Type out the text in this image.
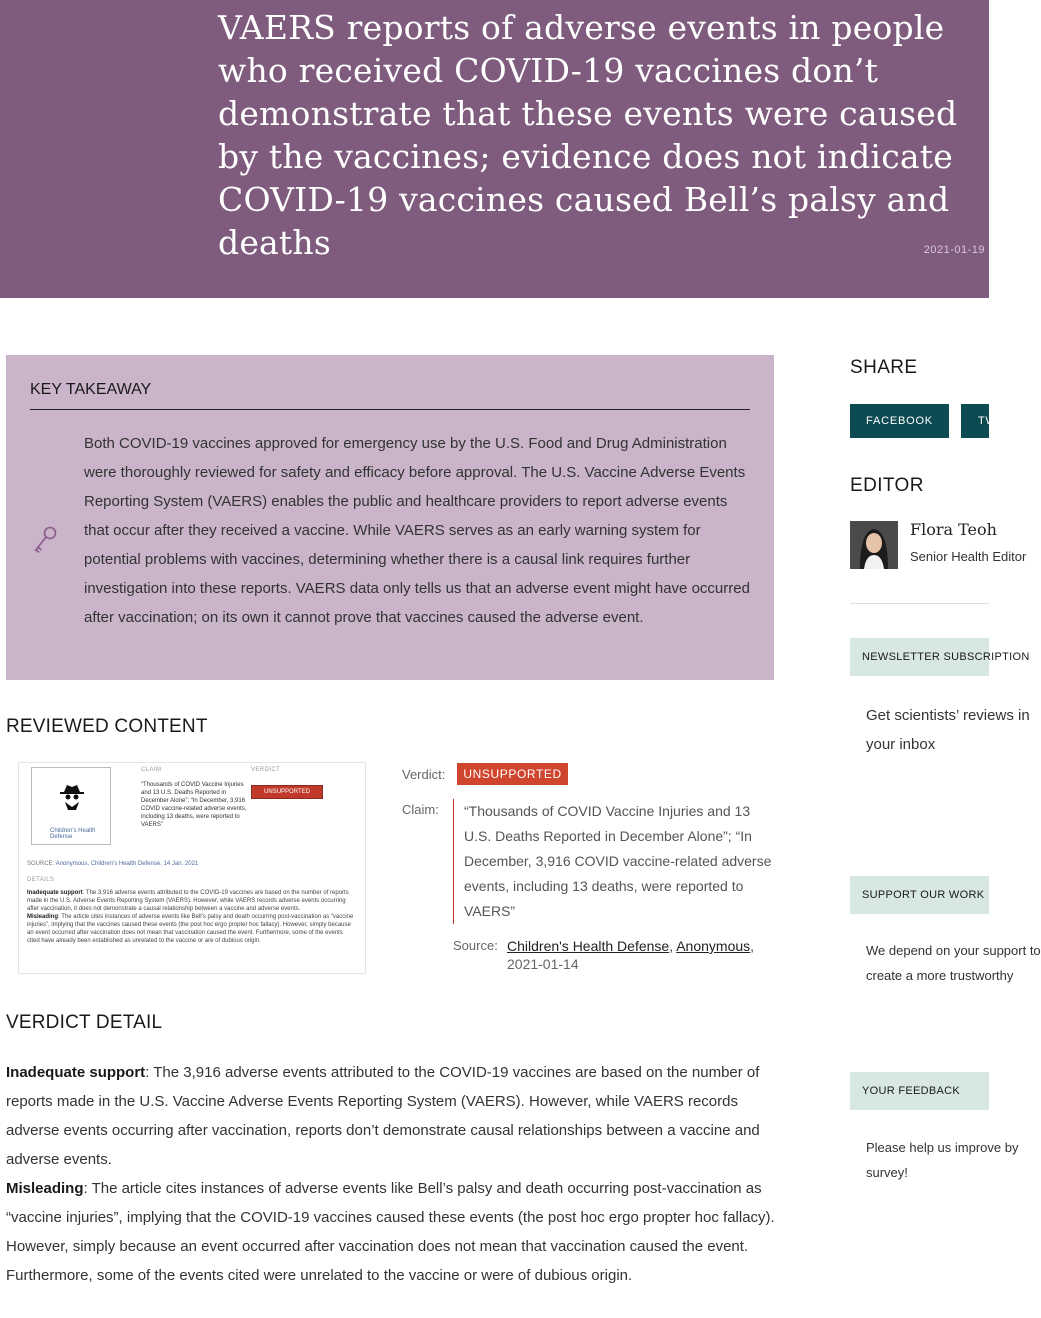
VAERS reports of adverse events in people who received COVID-19 vaccines don’t demonstrate that these events were caused by the vaccines; evidence does not indicate COVID-19 vaccines caused Bell’s palsy and deaths	2021-01-19
KEY TAKEAWAY

Both COVID-19 vaccines approved for emergency use by the U.S. Food and Drug Administration were thoroughly reviewed for safety and efficacy before approval. The U.S. Vaccine Adverse Events Reporting System (VAERS) enables the public and healthcare providers to report adverse events that occur after they received a vaccine. While VAERS serves as an early warning system for potential problems with vaccines, determining whether there is a causal link requires further investigation into these reports. VAERS data only tells us that an adverse event might have occurred after vaccination; on its own it cannot prove that vaccines caused the adverse event.

REVIEWED CONTENT
Children's Health Defense
CLAIM
“Thousands of COVID Vaccine Injuries and 13 U.S. Deaths Reported in December Alone”; “In December, 3,916 COVID vaccine-related adverse events, including 13 deaths, were reported to VAERS”
VERDICT
UNSUPPORTED
SOURCE: Anonymous, Children's Health Defense, 14 Jan. 2021
DETAILS
Inadequate support: The 3,916 adverse events attributed to the COVID-19 vaccines are based on the number of reports made in the U.S. Adverse Events Reporting System (VAERS). However, while VAERS records adverse events occurring after vaccination, it does not demonstrate a causal relationship between a vaccine and adverse events.
Misleading: The article cites instances of adverse events like Bell's palsy and death occurring post-vaccination as “vaccine injuries”, implying that the vaccines caused these events (the post hoc ergo propter hoc fallacy). However, simply because an event occurred after vaccination does not mean that vaccination caused the event. Furthermore, some of the events cited have already been established as unrelated to the vaccine or are of dubious origin.
Verdict:	UNSUPPORTED
Claim:	“Thousands of COVID Vaccine Injuries and 13 U.S. Deaths Reported in December Alone”; “In December, 3,916 COVID vaccine-related adverse events, including 13 deaths, were reported to VAERS”
Source: Children's Health Defense, Anonymous,
2021-01-14
VERDICT DETAIL

Inadequate support: The 3,916 adverse events attributed to the COVID-19 vaccines are based on the number of reports made in the U.S. Vaccine Adverse Events Reporting System (VAERS). However, while VAERS records adverse events occurring after vaccination, reports don’t demonstrate causal relationships between a vaccine and adverse events.

Misleading: The article cites instances of adverse events like Bell’s palsy and death occurring post-vaccination as “vaccine injuries”, implying that the COVID-19 vaccines caused these events (the post hoc ergo propter hoc fallacy). However, simply because an event occurred after vaccination does not mean that vaccination caused the event. Furthermore, some of the events cited were unrelated to the vaccine or were of dubious origin.

SHARE
FACEBOOK	TWITTER
EDITOR
Flora Teoh
Senior Health Editor
NEWSLETTER SUBSCRIPTION
Get scientists’ reviews in
your inbox
SUPPORT OUR WORK
We depend on your support to
create a more trustworthy
YOUR FEEDBACK
Please help us improve by
survey!
